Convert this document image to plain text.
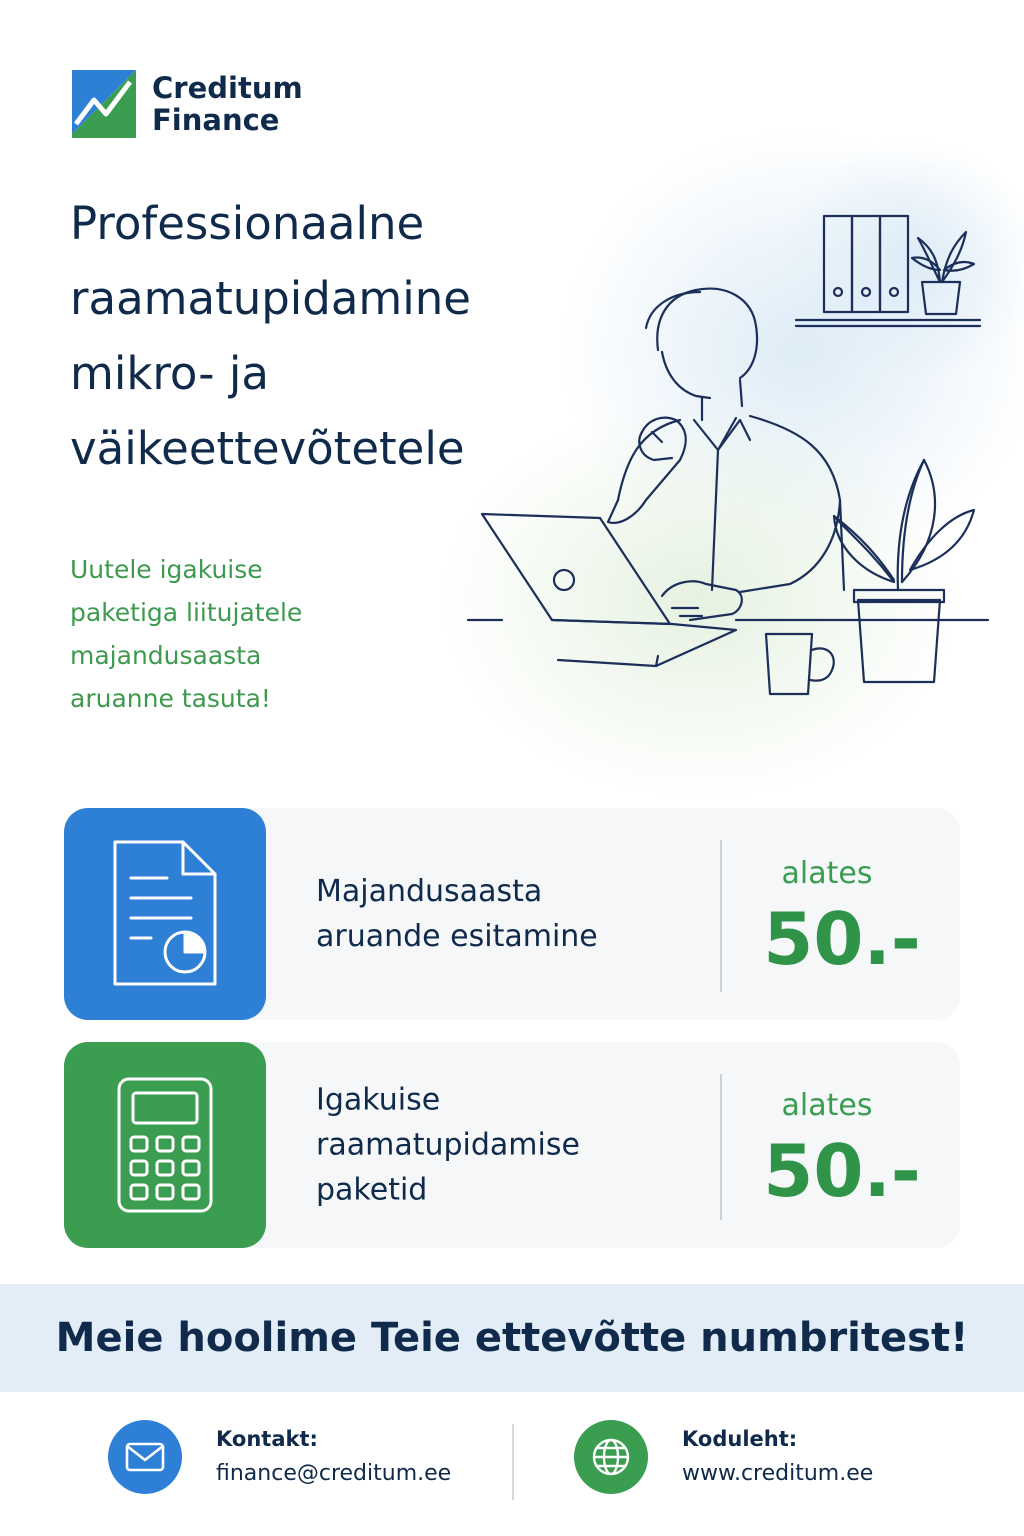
Creditum
Finance
Professionaalne
raamatupidamine
mikro- ja
väikeettevõtetele
Uutele igakuise
paketiga liitujatele
majandusaasta
aruanne tasuta!
Majandusaasta
aruande esitamine
alates
50.-
Igakuise
raamatupidamise
paketid
alates
50.-
Meie hoolime Teie ettevõtte numbritest!
Kontakt:
finance@creditum.ee
Koduleht:
www.creditum.ee
